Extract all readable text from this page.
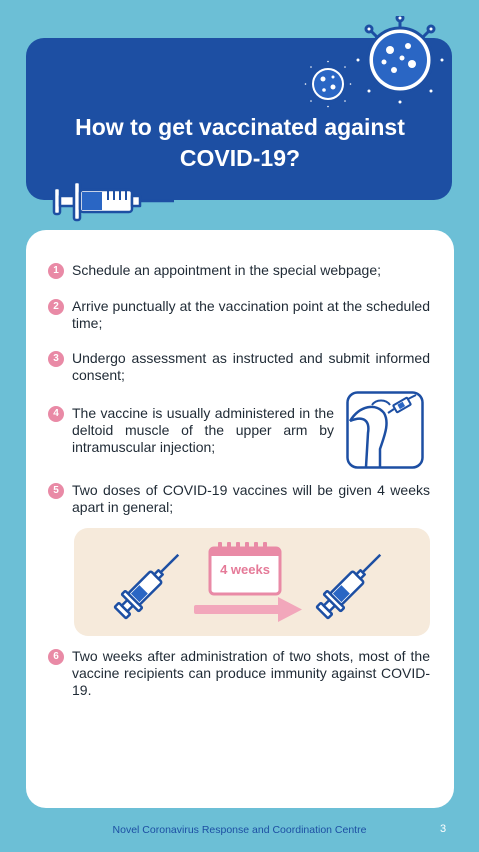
How to get vaccinated against COVID-19?
1 Schedule an appointment in the special webpage;
2 Arrive punctually at the vaccination point at the scheduled time;
3 Undergo assessment as instructed and submit informed consent;
4 The vaccine is usually administered in the deltoid muscle of the upper arm by intramuscular injection;
5 Two doses of COVID-19 vaccines will be given 4 weeks apart in general;
4 weeks
6 Two weeks after administration of two shots, most of the vaccine recipients can produce immunity against COVID-19.
Novel Coronavirus Response and Coordination Centre	3
